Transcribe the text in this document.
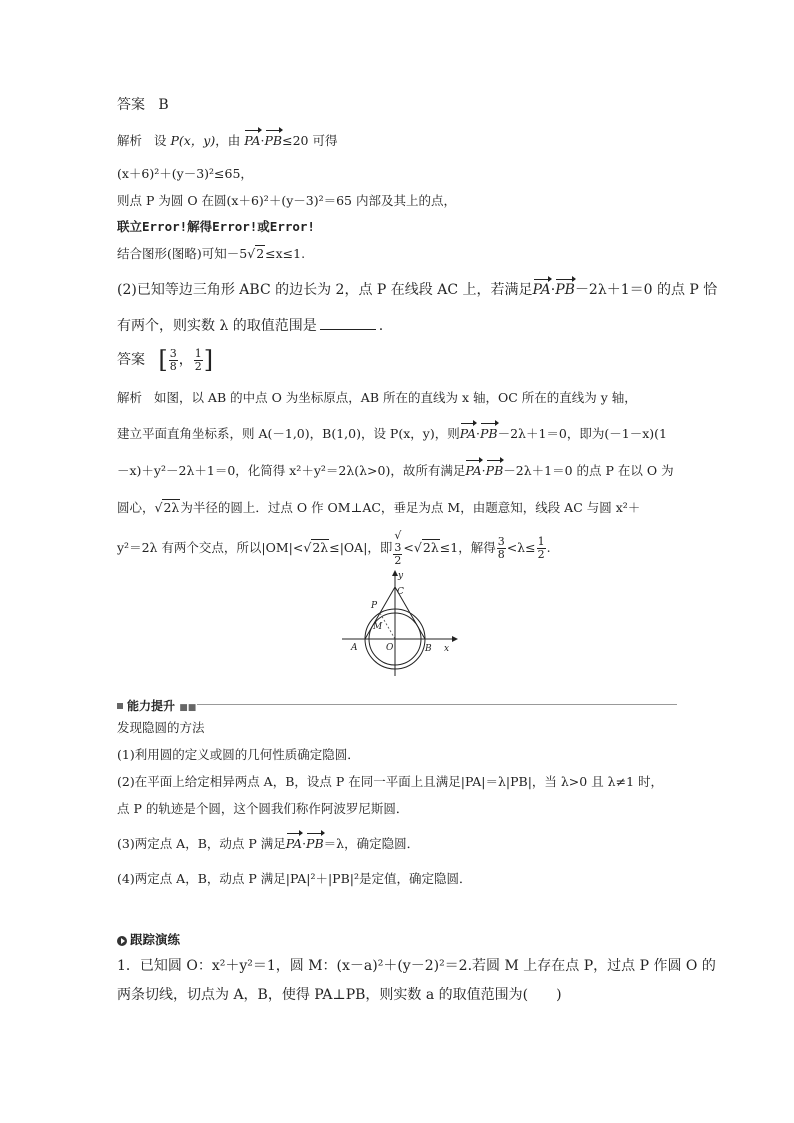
答案 B
解析 设 P(x，y)，由 PA·PB≤20 可得
(x＋6)²＋(y－3)²≤65，
则点 P 为圆 O 在圆(x＋6)²＋(y－3)²＝65 内部及其上的点，
联立Error!解得Error!或Error!
结合图形(图略)可知－5√2≤x≤1.
(2)已知等边三角形 ABC 的边长为 2，点 P 在线段 AC 上，若满足PA·PB－2λ＋1＝0 的点 P 恰
有两个，则实数 λ 的取值范围是	.
答案 [ $\frac{3}{8}$ ， $\frac{1}{2}$ ]
解析 如图，以 AB 的中点 O 为坐标原点，AB 所在的直线为 x 轴，OC 所在的直线为 y 轴，
建立平面直角坐标系，则 A(－1,0)，B(1,0)，设 P(x，y)，则PA·PB－2λ＋1＝0，即为(－1－x)(1
－x)＋y²－2λ＋1＝0，化简得 x²＋y²＝2λ(λ>0)，故所有满足PA·PB－2λ＋1＝0 的点 P 在以 O 为
圆心，√2λ为半径的圆上．过点 O 作 OM⊥AC，垂足为点 M，由题意知，线段 AC 与圆 x²＋
y²＝2λ 有两个交点，所以|OM|<√2λ≤|OA|，即 √
3
2 <√2λ≤1，解得 $\frac{3}{8} <\lambda\le \frac{1}{2}$ .
y
x
C
P
M
A	O	B
能力提升 ■■
发现隐圆的方法
(1)利用圆的定义或圆的几何性质确定隐圆．
(2)在平面上给定相异两点 A，B，设点 P 在同一平面上且满足|PA|＝λ|PB|，当 λ>0 且 λ≠1 时，
点 P 的轨迹是个圆，这个圆我们称作阿波罗尼斯圆．
(3)两定点 A，B，动点 P 满足PA·PB＝λ，确定隐圆．
(4)两定点 A，B，动点 P 满足|PA|²＋|PB|²是定值，确定隐圆．
跟踪演练
1．已知圆 O：x²＋y²＝1，圆 M：(x－a)²＋(y－2)²＝2.若圆 M 上存在点 P，过点 P 作圆 O 的
两条切线，切点为 A，B，使得 PA⊥PB，则实数 a 的取值范围为(　　)
